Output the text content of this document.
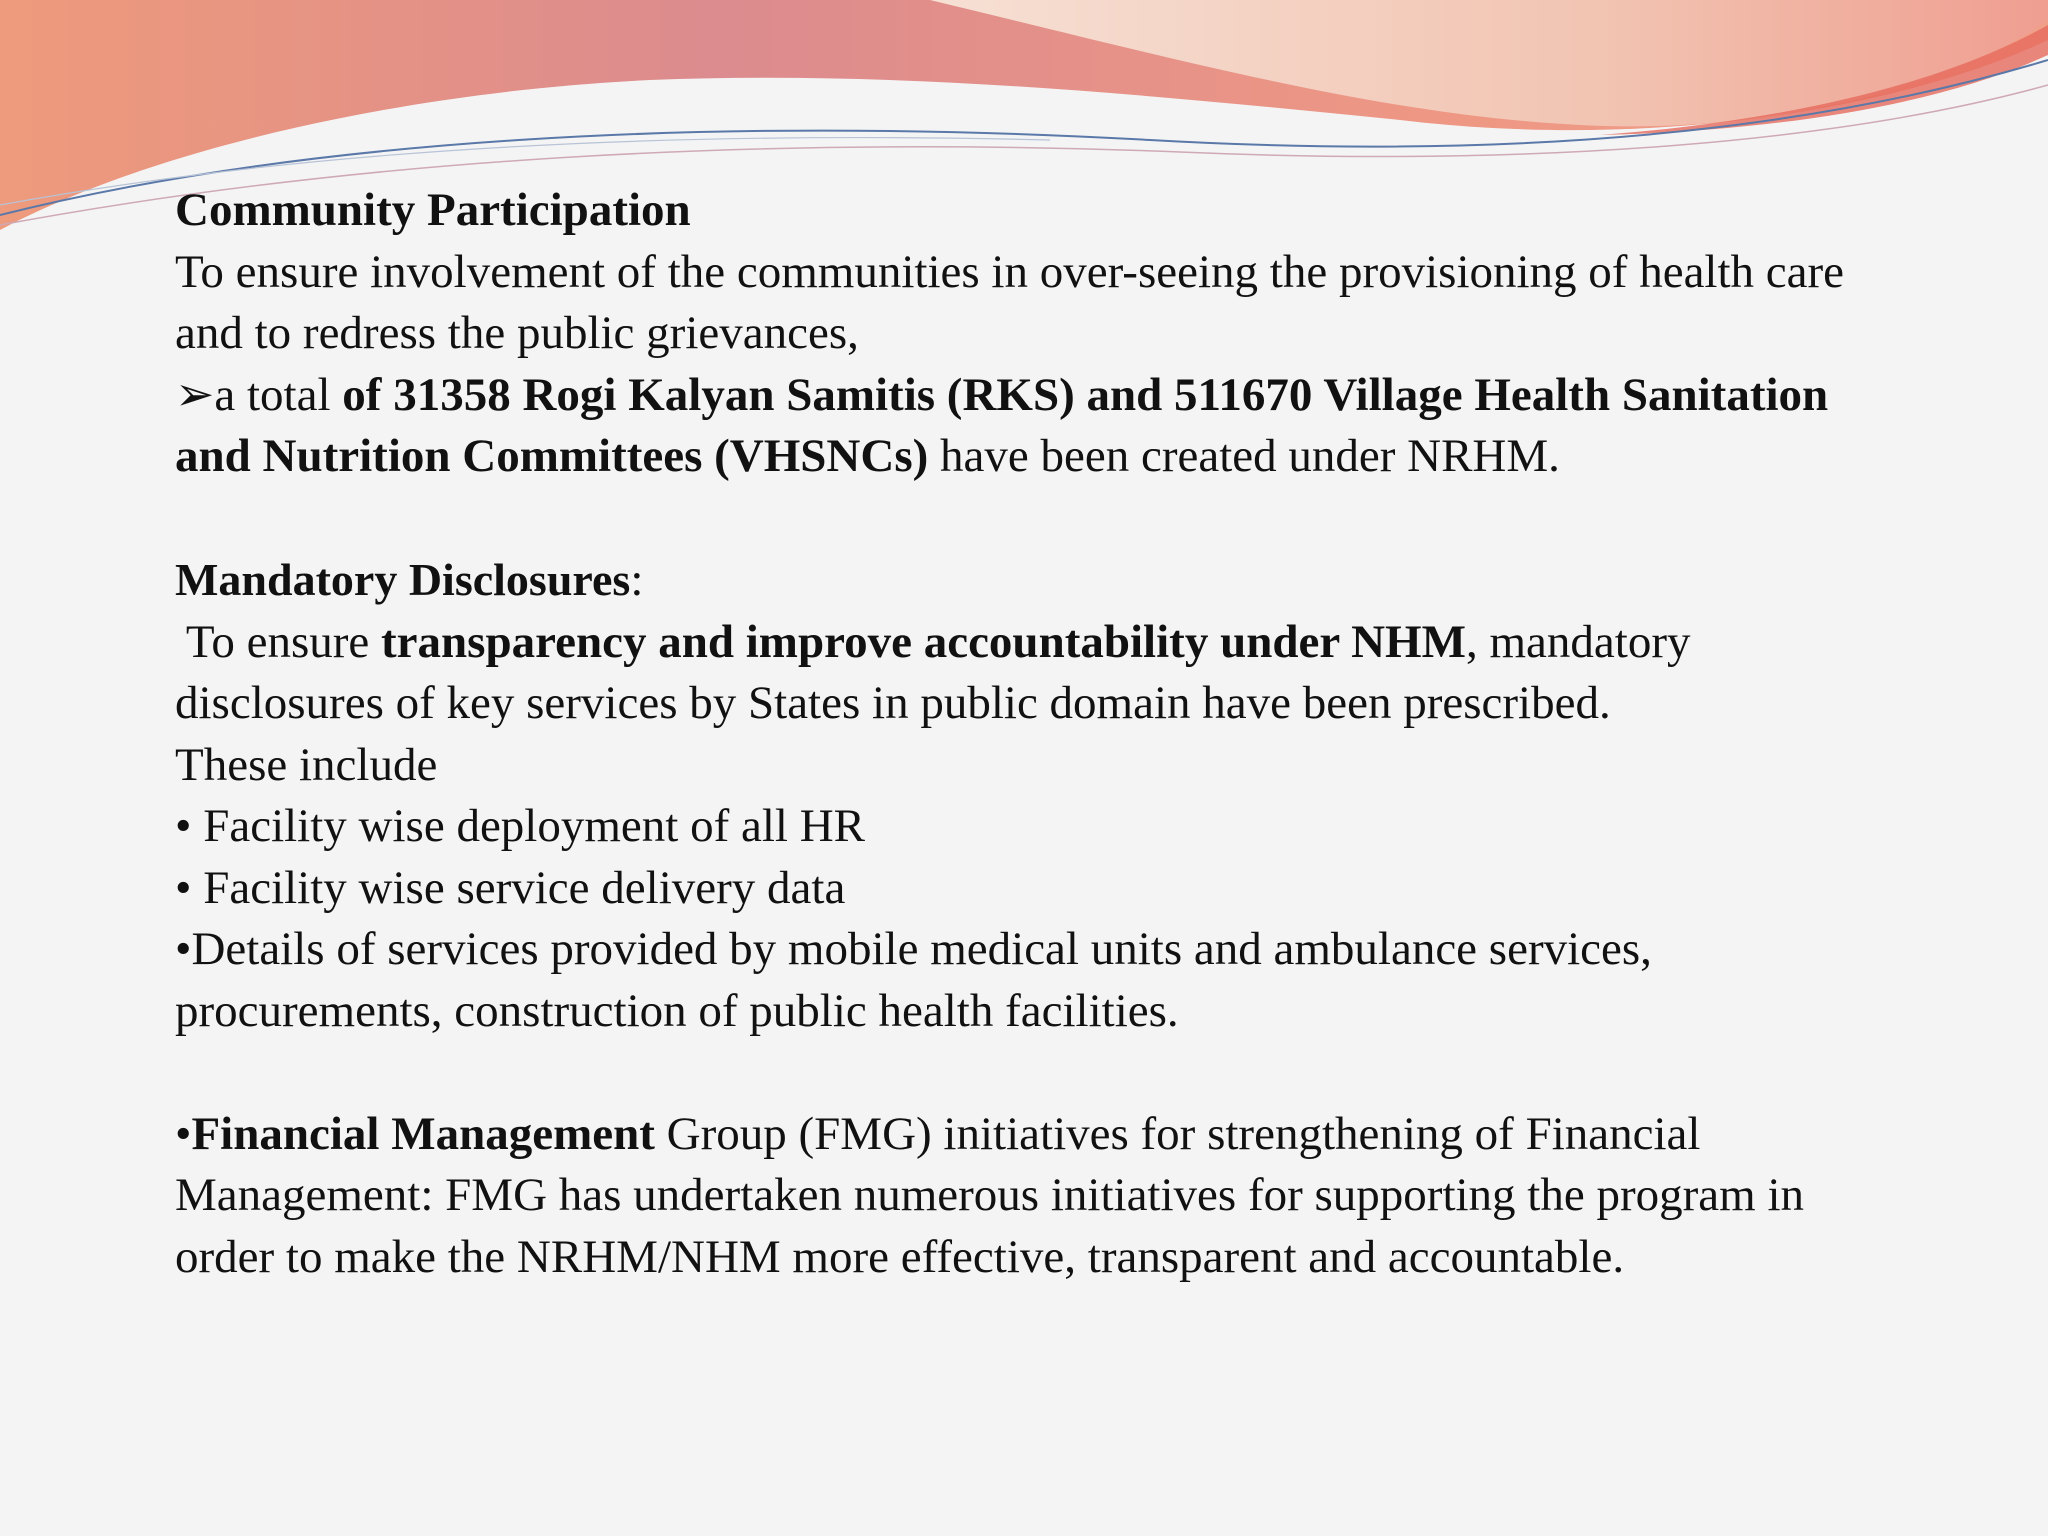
Community Participation

To ensure involvement of the communities in over-seeing the provisioning of health care and to redress the public grievances,

➢a total of 31358 Rogi Kalyan Samitis (RKS) and 511670 Village Health Sanitation and Nutrition Committees (VHSNCs) have been created under NRHM.

Mandatory Disclosures:

To ensure transparency and improve accountability under NHM, mandatory disclosures of key services by States in public domain have been prescribed.

These include

• Facility wise deployment of all HR

• Facility wise service delivery data

•Details of services provided by mobile medical units and ambulance services, procurements, construction of public health facilities.

•Financial Management Group (FMG) initiatives for strengthening of Financial Management: FMG has undertaken numerous initiatives for supporting the program in order to make the NRHM/NHM more effective, transparent and accountable.
